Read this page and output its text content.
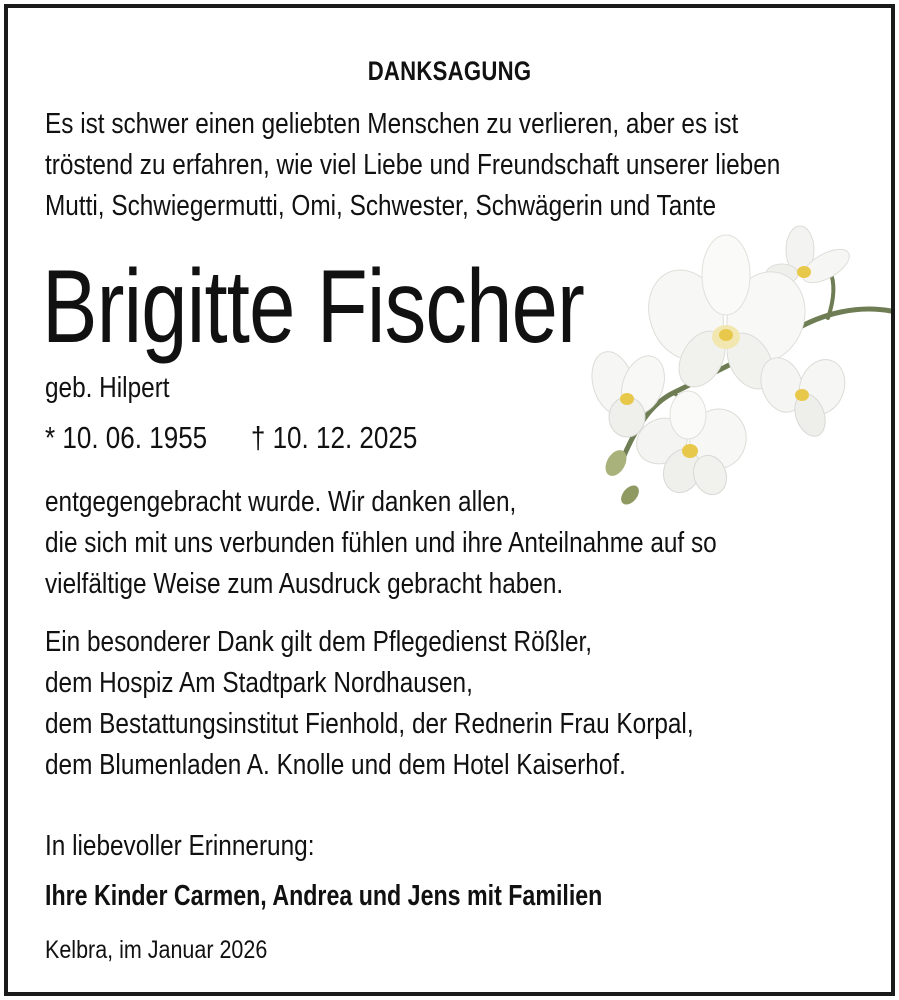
DANKSAGUNG
Es ist schwer einen geliebten Menschen zu verlieren, aber es ist
tröstend zu erfahren, wie viel Liebe und Freundschaft unserer lieben
Mutti, Schwiegermutti, Omi, Schwester, Schwägerin und Tante
Brigitte Fischer
geb. Hilpert
* 10. 06. 1955 † 10. 12. 2025
entgegengebracht wurde. Wir danken allen,
die sich mit uns verbunden fühlen und ihre Anteilnahme auf so
vielfältige Weise zum Ausdruck gebracht haben.
Ein besonderer Dank gilt dem Pflegedienst Rößler,
dem Hospiz Am Stadtpark Nordhausen,
dem Bestattungsinstitut Fienhold, der Rednerin Frau Korpal,
dem Blumenladen A. Knolle und dem Hotel Kaiserhof.
In liebevoller Erinnerung:
Ihre Kinder Carmen, Andrea und Jens mit Familien
Kelbra, im Januar 2026
